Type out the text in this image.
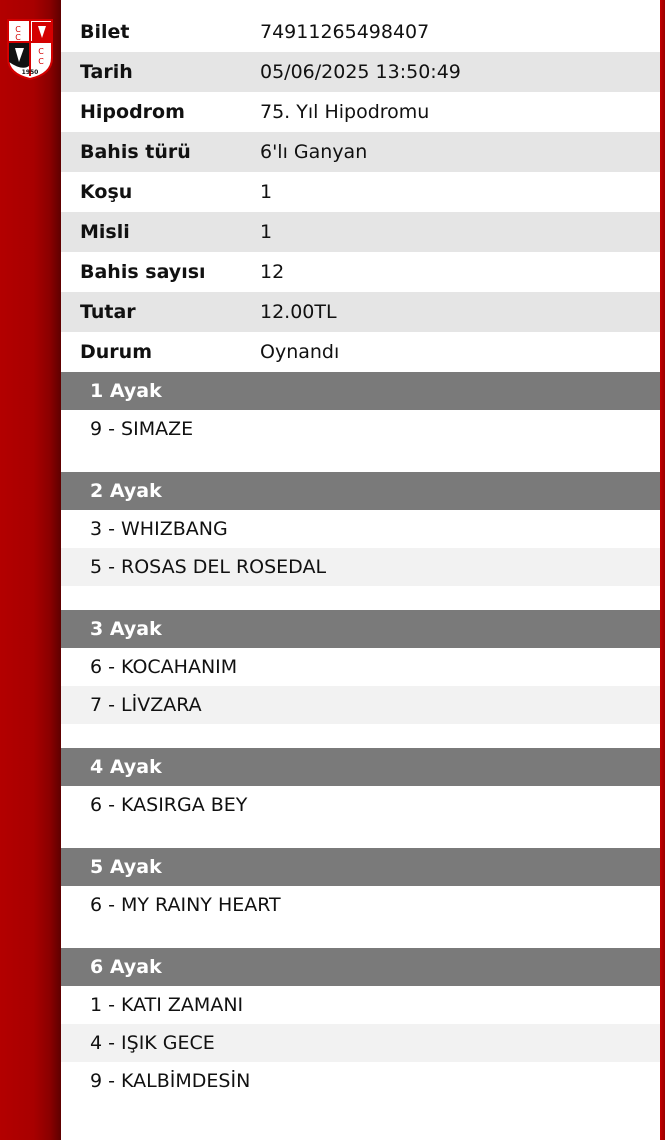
C
C
C
C
1950
Bilet	74911265498407
Tarih	05/06/2025 13:50:49
Hipodrom	75. Yıl Hipodromu
Bahis türü	6'lı Ganyan
Koşu	1
Misli	1
Bahis sayısı	12
Tutar	12.00TL
Durum	Oynandı
1 Ayak
9 - SIMAZE
2 Ayak
3 - WHIZBANG
5 - ROSAS DEL ROSEDAL
3 Ayak
6 - KOCAHANIM
7 - LİVZARA
4 Ayak
6 - KASIRGA BEY
5 Ayak
6 - MY RAINY HEART
6 Ayak
1 - KATI ZAMANI
4 - IŞIK GECE
9 - KALBİMDESİN
